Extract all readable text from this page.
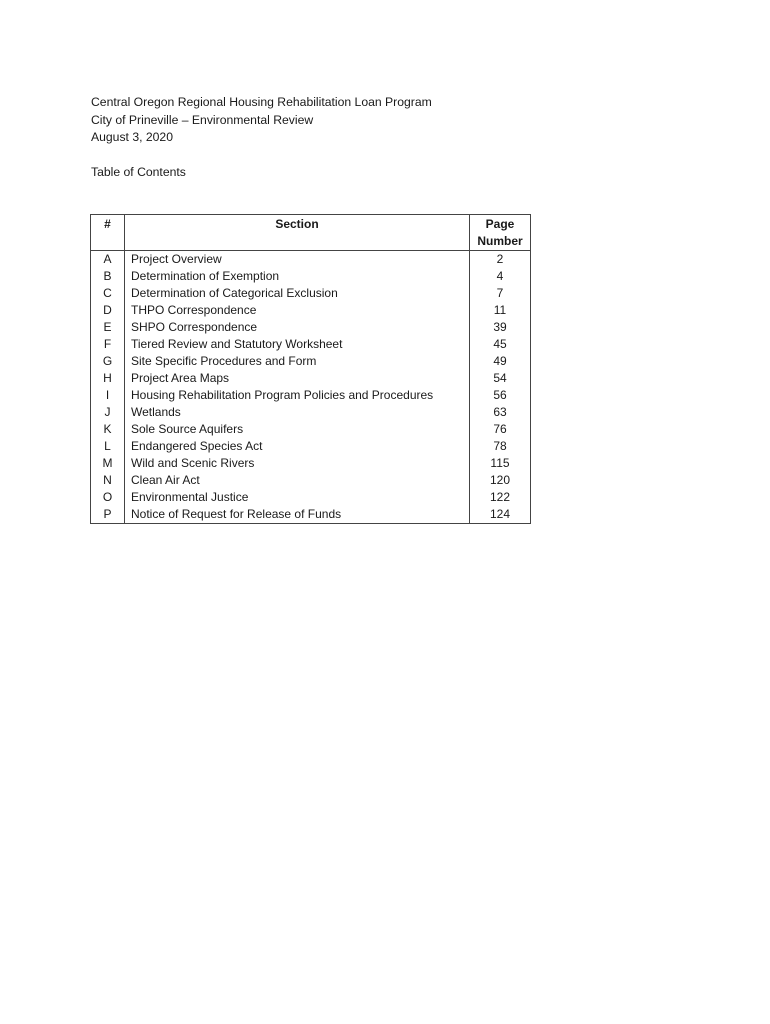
Central Oregon Regional Housing Rehabilitation Loan Program
City of Prineville – Environmental Review
August 3, 2020
Table of Contents
#	Section	Page
Number

A	Project Overview	2
B	Determination of Exemption	4
C	Determination of Categorical Exclusion	7
D	THPO Correspondence	11
E	SHPO Correspondence	39
F	Tiered Review and Statutory Worksheet	45
G	Site Specific Procedures and Form	49
H	Project Area Maps	54
I	Housing Rehabilitation Program Policies and Procedures	56
J	Wetlands	63
K	Sole Source Aquifers	76
L	Endangered Species Act	78
M	Wild and Scenic Rivers	115
N	Clean Air Act	120
O	Environmental Justice	122
P	Notice of Request for Release of Funds	124
